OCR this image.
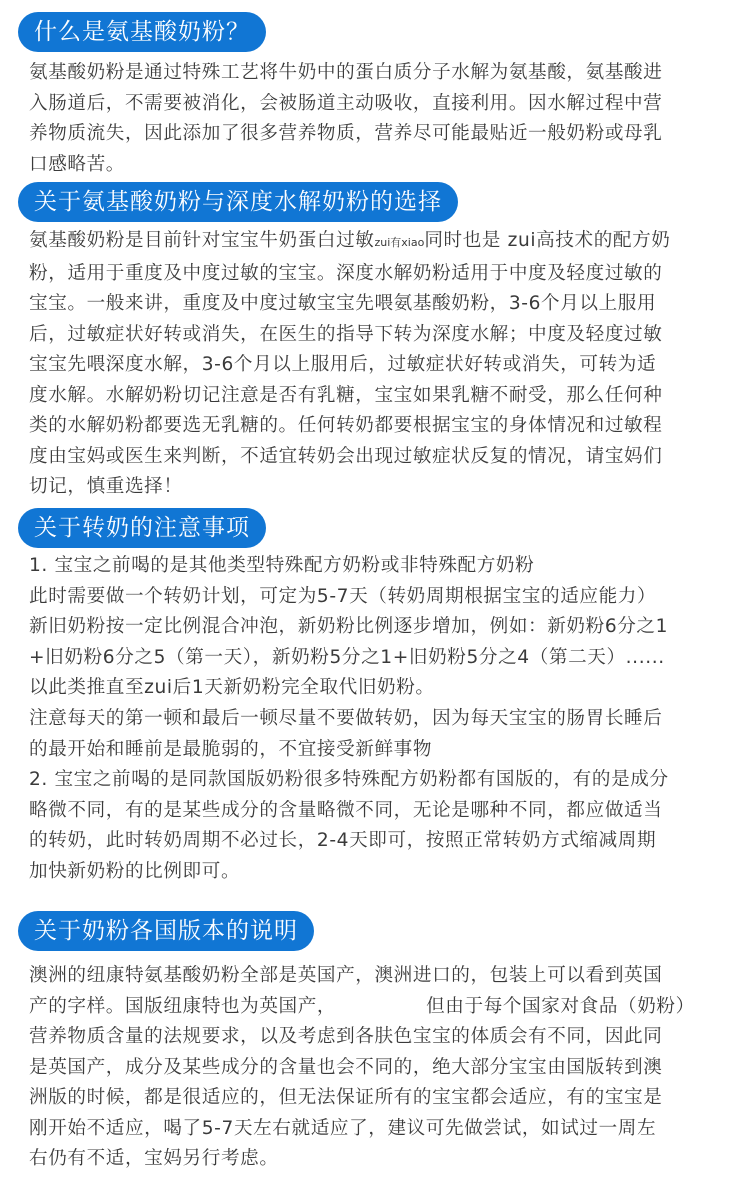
什么是氨基酸奶粉？

氨基酸奶粉是通过特殊工艺将牛奶中的蛋白质分子水解为氨基酸，氨基酸进

入肠道后，不需要被消化，会被肠道主动吸收，直接利用。因水解过程中营

养物质流失，因此添加了很多营养物质，营养尽可能最贴近一般奶粉或母乳

口感略苦。

关于氨基酸奶粉与深度水解奶粉的选择

氨基酸奶粉是目前针对宝宝牛奶蛋白过敏zui有xiao同时也是 zui高技术的配方奶

粉，适用于重度及中度过敏的宝宝。深度水解奶粉适用于中度及轻度过敏的

宝宝。一般来讲，重度及中度过敏宝宝先喂氨基酸奶粉，3-6个月以上服用

后，过敏症状好转或消失，在医生的指导下转为深度水解；中度及轻度过敏

宝宝先喂深度水解，3-6个月以上服用后，过敏症状好转或消失，可转为适

度水解。水解奶粉切记注意是否有乳糖，宝宝如果乳糖不耐受，那么任何种

类的水解奶粉都要选无乳糖的。任何转奶都要根据宝宝的身体情况和过敏程

度由宝妈或医生来判断，不适宜转奶会出现过敏症状反复的情况，请宝妈们

切记，慎重选择！

关于转奶的注意事项

1. 宝宝之前喝的是其他类型特殊配方奶粉或非特殊配方奶粉

此时需要做一个转奶计划，可定为5-7天（转奶周期根据宝宝的适应能力）

新旧奶粉按一定比例混合冲泡，新奶粉比例逐步增加，例如：新奶粉6分之1

+旧奶粉6分之5（第一天），新奶粉5分之1+旧奶粉5分之4（第二天）......

以此类推直至zui后1天新奶粉完全取代旧奶粉。

注意每天的第一顿和最后一顿尽量不要做转奶，因为每天宝宝的肠胃长睡后

的最开始和睡前是最脆弱的，不宜接受新鲜事物

2. 宝宝之前喝的是同款国版奶粉很多特殊配方奶粉都有国版的，有的是成分

略微不同，有的是某些成分的含量略微不同，无论是哪种不同，都应做适当

的转奶，此时转奶周期不必过长，2-4天即可，按照正常转奶方式缩减周期

加快新奶粉的比例即可。

关于奶粉各国版本的说明

澳洲的纽康特氨基酸奶粉全部是英国产，澳洲进口的，包装上可以看到英国

产的字样。国版纽康特也为英国产，	但由于每个国家对食品（奶粉）

营养物质含量的法规要求，以及考虑到各肤色宝宝的体质会有不同，因此同

是英国产，成分及某些成分的含量也会不同的，绝大部分宝宝由国版转到澳

洲版的时候，都是很适应的，但无法保证所有的宝宝都会适应，有的宝宝是

刚开始不适应，喝了5-7天左右就适应了，建议可先做尝试，如试过一周左

右仍有不适，宝妈另行考虑。
